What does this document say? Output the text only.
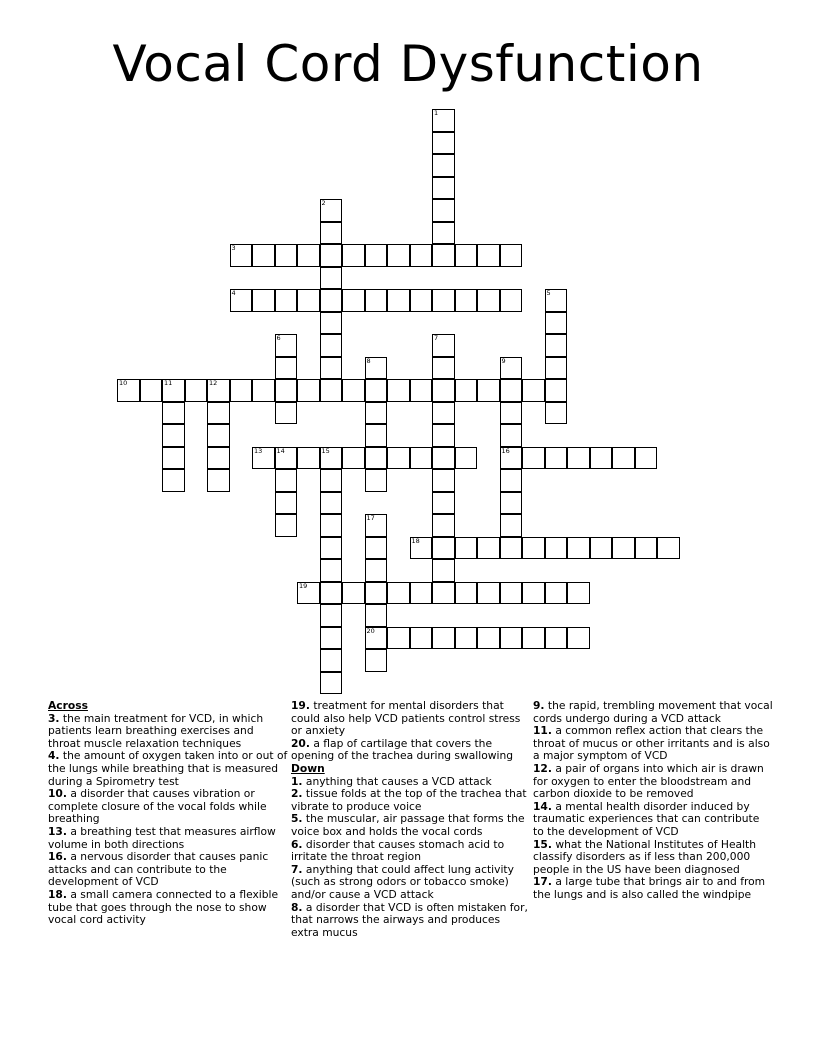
Vocal Cord Dysfunction
1
2
3
4	5
6	7
8	9
16
10	11	12
13 14	15
17
20
18
19
Across
3. the main treatment for VCD, in which patients learn breathing exercises and throat muscle relaxation techniques
4. the amount of oxygen taken into or out of the lungs while breathing that is measured during a Spirometry test
10. a disorder that causes vibration or complete closure of the vocal folds while breathing
13. a breathing test that measures airflow volume in both directions
16. a nervous disorder that causes panic attacks and can contribute to the development of VCD
18. a small camera connected to a flexible tube that goes through the nose to show vocal cord activity
19. treatment for mental disorders that could also help VCD patients control stress or anxiety
20. a flap of cartilage that covers the opening of the trachea during swallowing
Down
1. anything that causes a VCD attack
2. tissue folds at the top of the trachea that vibrate to produce voice
5. the muscular, air passage that forms the voice box and holds the vocal cords
6. disorder that causes stomach acid to irritate the throat region
7. anything that could affect lung activity (such as strong odors or tobacco smoke) and/or cause a VCD attack
8. a disorder that VCD is often mistaken for, that narrows the airways and produces extra mucus
9. the rapid, trembling movement that vocal cords undergo during a VCD attack
11. a common reflex action that clears the throat of mucus or other irritants and is also a major symptom of VCD
12. a pair of organs into which air is drawn for oxygen to enter the bloodstream and carbon dioxide to be removed
14. a mental health disorder induced by traumatic experiences that can contribute to the development of VCD
15. what the National Institutes of Health classify disorders as if less than 200,000 people in the US have been diagnosed
17. a large tube that brings air to and from the lungs and is also called the windpipe
